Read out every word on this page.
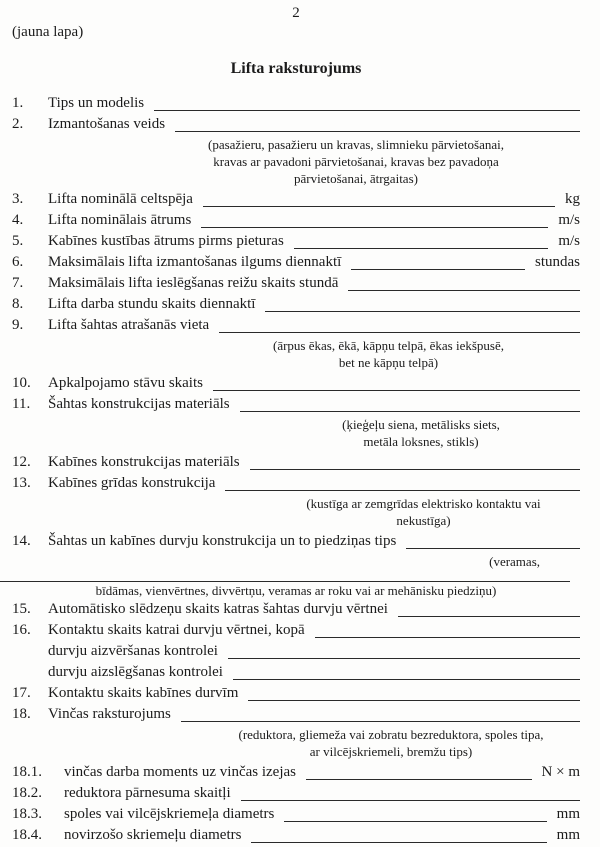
2
(jauna lapa)
Lifta raksturojums
1.	Tips un modelis
2.	Izmantošanas veids
(pasažieru, pasažieru un kravas, slimnieku pārvietošanai,
kravas ar pavadoni pārvietošanai, kravas bez pavadoņa
pārvietošanai, ātrgaitas)
3.	Lifta nominālā celtspēja	kg
4.	Lifta nominālais ātrums	m/s
5.	Kabīnes kustības ātrums pirms pieturas	m/s
6.	Maksimālais lifta izmantošanas ilgums diennaktī	stundas
7.	Maksimālais lifta ieslēgšanas reižu skaits stundā
8.	Lifta darba stundu skaits diennaktī
9.	Lifta šahtas atrašanās vieta
(ārpus ēkas, ēkā, kāpņu telpā, ēkas iekšpusē,
bet ne kāpņu telpā)
10.	Apkalpojamo stāvu skaits
11.	Šahtas konstrukcijas materiāls
(ķieģeļu siena, metālisks siets,
metāla loksnes, stikls)
12.	Kabīnes konstrukcijas materiāls
13.	Kabīnes grīdas konstrukcija
(kustīga ar zemgrīdas elektrisko kontaktu vai
nekustīga)
14.	Šahtas un kabīnes durvju konstrukcija un to piedziņas tips
(veramas,
bīdāmas, vienvērtnes, divvērtņu, veramas ar roku vai ar mehānisku piedziņu)
15.	Automātisko slēdzeņu skaits katras šahtas durvju vērtnei
16.	Kontaktu skaits katrai durvju vērtnei, kopā
durvju aizvēršanas kontrolei
durvju aizslēgšanas kontrolei
17.	Kontaktu skaits kabīnes durvīm
18.	Vinčas raksturojums
(reduktora, gliemeža vai zobratu bezreduktora, spoles tipa,
ar vilcējskriemeli, bremžu tips)
18.1.	vinčas darba moments uz vinčas izejas	N × m
18.2.	reduktora pārnesuma skaitļi
18.3.	spoles vai vilcējskriemeļa diametrs	mm
18.4.	novirzošo skriemeļu diametrs	mm
